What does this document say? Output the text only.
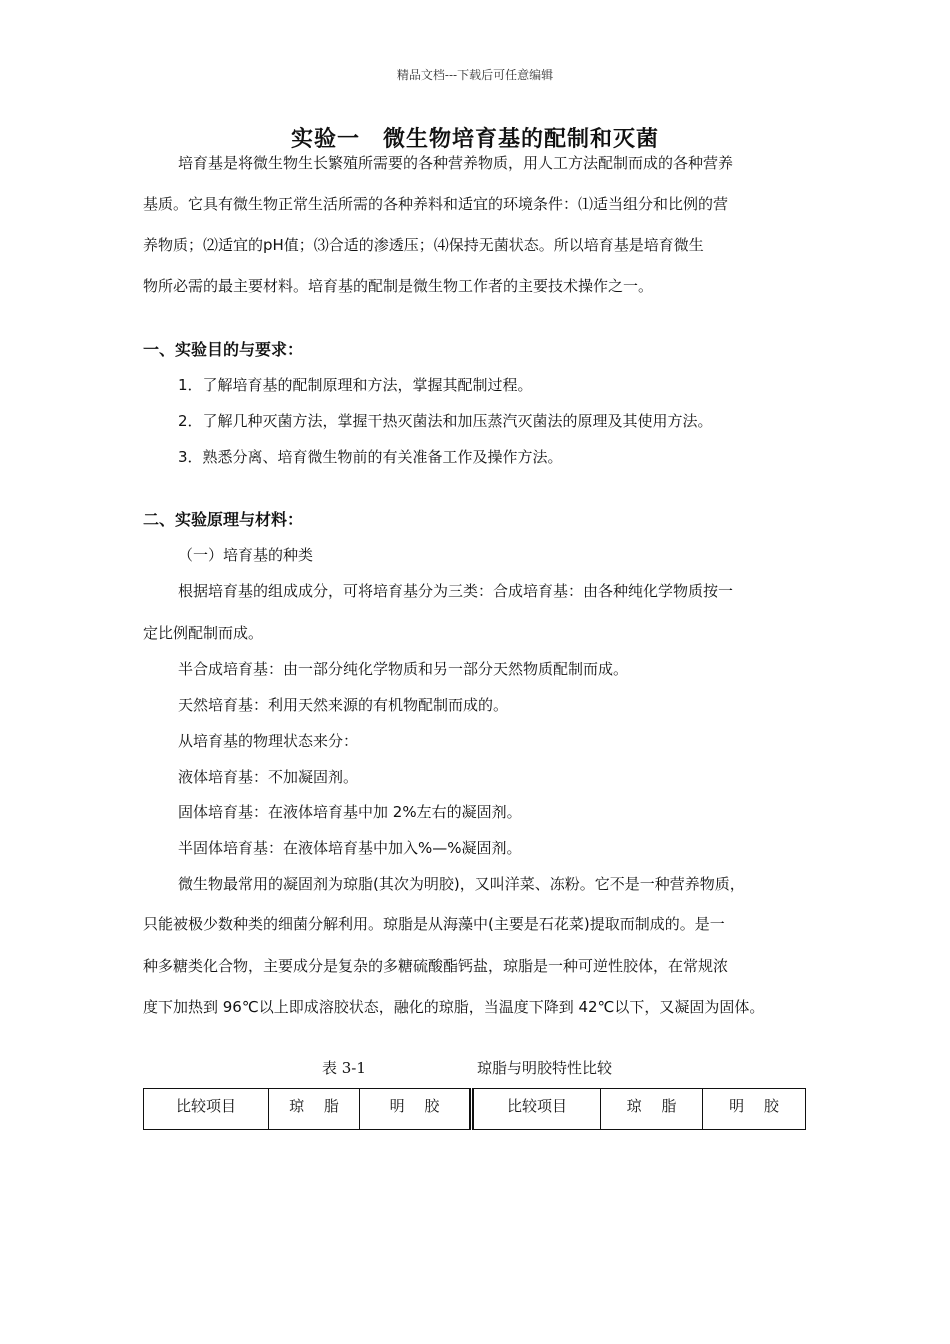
精品文档---下载后可任意编辑
实验一　微生物培育基的配制和灭菌
培育基是将微生物生长繁殖所需要的各种营养物质，用人工方法配制而成的各种营养
基质。它具有微生物正常生活所需的各种养料和适宜的环境条件：⑴适当组分和比例的营
养物质；⑵适宜的pH值；⑶合适的渗透压；⑷保持无菌状态。所以培育基是培育微生
物所必需的最主要材料。培育基的配制是微生物工作者的主要技术操作之一。
一、实验目的与要求：
1．了解培育基的配制原理和方法，掌握其配制过程。
2．了解几种灭菌方法，掌握干热灭菌法和加压蒸汽灭菌法的原理及其使用方法。
3．熟悉分离、培育微生物前的有关准备工作及操作方法。
二、实验原理与材料：
（一）培育基的种类
根据培育基的组成成分，可将培育基分为三类：合成培育基：由各种纯化学物质按一
定比例配制而成。
半合成培育基：由一部分纯化学物质和另一部分天然物质配制而成。
天然培育基：利用天然来源的有机物配制而成的。
从培育基的物理状态来分：
液体培育基：不加凝固剂。
固体培育基：在液体培育基中加 2%左右的凝固剂。
半固体培育基：在液体培育基中加入%—%凝固剂。
微生物最常用的凝固剂为琼脂(其次为明胶)，又叫洋菜、冻粉。它不是一种营养物质，
只能被极少数种类的细菌分解利用。琼脂是从海藻中(主要是石花菜)提取而制成的。是一
种多糖类化合物，主要成分是复杂的多糖硫酸酯钙盐，琼脂是一种可逆性胶体，在常规浓
度下加热到 96℃以上即成溶胶状态，融化的琼脂，当温度下降到 42℃以下，又凝固为固体。
表 3-1	琼脂与明胶特性比较
比较项目	琼　 脂	明　 胶	比较项目	琼　 脂	明　 胶
